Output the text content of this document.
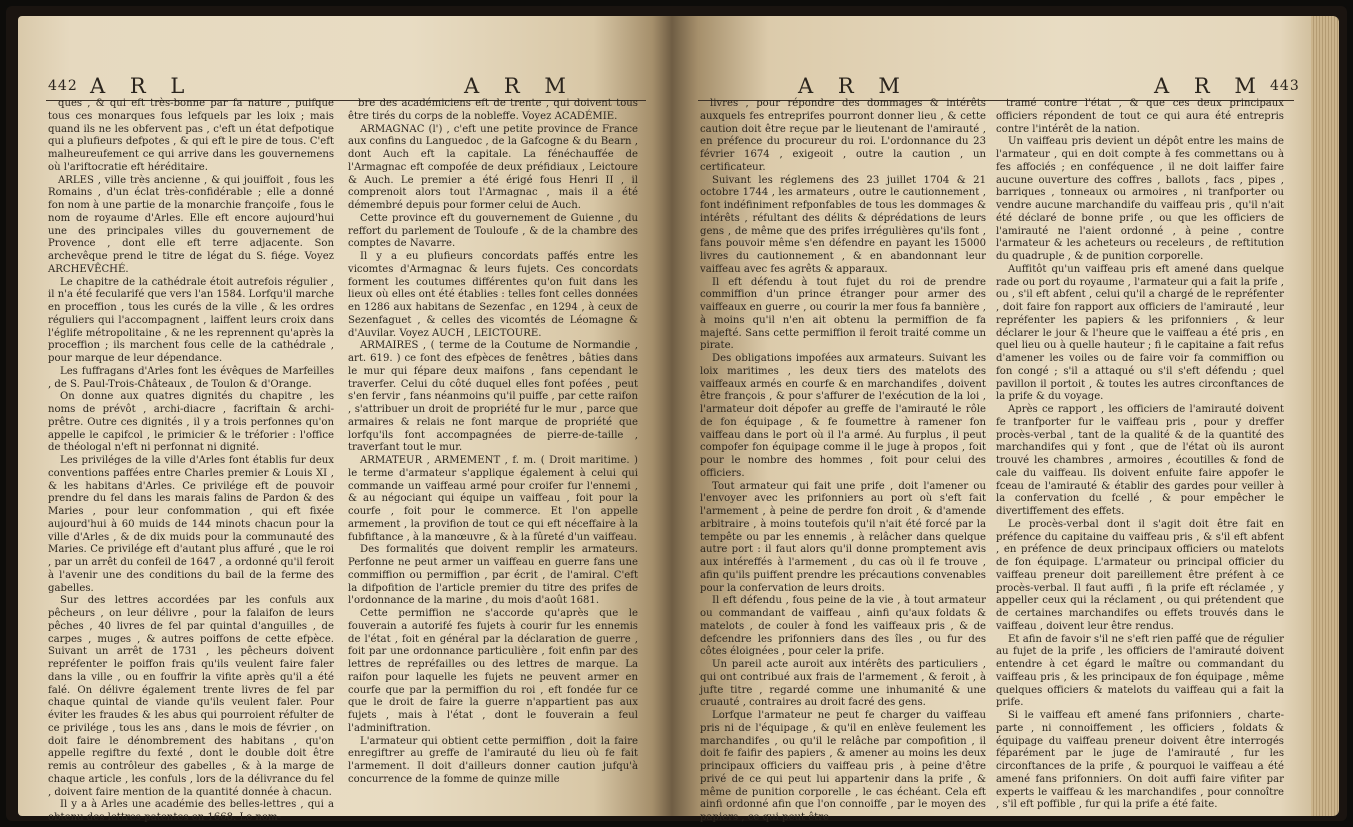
442 A R L	A R M

ques , & qui eft très-bonne par fa nature , puifque tous ces monarques fous lefquels par les loix ; mais quand ils ne les obfervent pas , c'eft un état defpotique qui a plufieurs defpotes , & qui eft le pire de tous. C'eft malheureufement ce qui arrive dans les gouvernemens où l'ariftocratie eft héréditaire.

ARLES , ville très ancienne , & qui jouiffoit , fous les Romains , d'un éclat très-confidérable ; elle a donné fon nom à une partie de la monarchie françoife , fous le nom de royaume d'Arles. Elle eft encore aujourd'hui une des principales villes du gouvernement de Provence , dont elle eft terre adjacente. Son archevêque prend le titre de légat du S. fiége. Voyez ARCHEVÊCHÉ.

Le chapitre de la cathédrale étoit autrefois régulier , il n'a été fecularifé que vers l'an 1584. Lorfqu'il marche en proceffion , tous les curés de la ville , & les ordres réguliers qui l'accompagnent , laiffent leurs croix dans l'églife métropolitaine , & ne les reprennent qu'après la proceffion ; ils marchent fous celle de la cathédrale , pour marque de leur dépendance.

Les fuffragans d'Arles font les évêques de Marfeilles , de S. Paul-Trois-Châteaux , de Toulon & d'Orange.

On donne aux quatres dignités du chapitre , les noms de prévôt , archi-diacre , facriftain & archi-prêtre. Outre ces dignités , il y a trois perfonnes qu'on appelle le capifcol , le primicier & le tréforier : l'office de théologal n'eft ni perfonnat ni dignité.

Les priviléges de la ville d'Arles font établis fur deux conventions paffées entre Charles premier & Louis XI , & les habitans d'Arles. Ce privilége eft de pouvoir prendre du fel dans les marais falins de Pardon & des Maries , pour leur confommation , qui eft fixée aujourd'hui à 60 muids de 144 minots chacun pour la ville d'Arles , & de dix muids pour la communauté des Maries. Ce privilége eft d'autant plus affuré , que le roi , par un arrêt du confeil de 1647 , a ordonné qu'il feroit à l'avenir une des conditions du bail de la ferme des gabelles.

Sur des lettres accordées par les confuls aux pêcheurs , on leur délivre , pour la falaifon de leurs pêches , 40 livres de fel par quintal d'anguilles , de carpes , muges , & autres poiffons de cette efpèce. Suivant un arrêt de 1731 , les pêcheurs doivent repréfenter le poiffon frais qu'ils veulent faire faler dans la ville , ou en fouffrir la vifite après qu'il a été falé. On délivre également trente livres de fel par chaque quintal de viande qu'ils veulent faler. Pour éviter les fraudes & les abus qui pourroient réfulter de ce privilége , tous les ans , dans le mois de février , on doit faire le dénombrement des habitans , qu'on appelle regiftre du fexté , dont le double doit être remis au contrôleur des gabelles , & à la marge de chaque article , les confuls , lors de la délivrance du fel , doivent faire mention de la quantité donnée à chacun.

Il y a à Arles une académie des belles-lettres , qui a obtenu des lettres-patentes en 1668. Le nom-

bre des académiciens eft de trente , qui doivent tous être tirés du corps de la nobleffe. Voyez ACADÉMIE.

ARMAGNAC (l') , c'eft une petite province de France aux confins du Languedoc , de la Gafcogne & du Bearn , dont Auch eft la capitale. La fénéchauffée de l'Armagnac eft compofée de deux préfidiaux , Leictoure & Auch. Le premier a été érigé fous Henri II , il comprenoit alors tout l'Armagnac , mais il a été démembré depuis pour former celui de Auch.

Cette province eft du gouvernement de Guienne , du reffort du parlement de Touloufe , & de la chambre des comptes de Navarre.

Il y a eu plufieurs concordats paffés entre les vicomtes d'Armagnac & leurs fujets. Ces concordats forment les coutumes différentes qu'on fuit dans les lieux où elles ont été établies : telles font celles données en 1286 aux habitans de Sezenfac , en 1294 , à ceux de Sezenfaguet , & celles des vicomtés de Léomagne & d'Auvilar. Voyez AUCH , LEICTOURE.

ARMAIRES , ( terme de la Coutume de Normandie , art. 619. ) ce font des efpèces de fenêtres , bâties dans le mur qui fépare deux maifons , fans cependant le traverfer. Celui du côté duquel elles font pofées , peut s'en fervir , fans néanmoins qu'il puiffe , par cette raifon , s'attribuer un droit de propriété fur le mur , parce que armaires & relais ne font marque de propriété que lorfqu'ils font accompagnées de pierre-de-taille , traverfant tout le mur.

ARMATEUR , ARMEMENT , f. m. ( Droit maritime. ) le terme d'armateur s'applique également à celui qui commande un vaiffeau armé pour croifer fur l'ennemi , & au négociant qui équipe un vaiffeau , foit pour la courfe , foit pour le commerce. Et l'on appelle armement , la provifion de tout ce qui eft néceffaire à la fubfiftance , à la manœuvre , & à la fûreté d'un vaiffeau.

Des formalités que doivent remplir les armateurs. Perfonne ne peut armer un vaiffeau en guerre fans une commiffion ou permiffion , par écrit , de l'amiral. C'eft la difpofition de l'article premier du titre des prifes de l'ordonnance de la marine , du mois d'août 1681.

Cette permiffion ne s'accorde qu'après que le fouverain a autorifé fes fujets à courir fur les ennemis de l'état , foit en général par la déclaration de guerre , foit par une ordonnance particulière , foit enfin par des lettres de repréfailles ou des lettres de marque. La raifon pour laquelle les fujets ne peuvent armer en courfe que par la permiffion du roi , eft fondée fur ce que le droit de faire la guerre n'appartient pas aux fujets , mais à l'état , dont le fouverain a feul l'adminiftration.

L'armateur qui obtient cette permiffion , doit la faire enregiftrer au greffe de l'amirauté du lieu où fe fait l'armement. Il doit d'ailleurs donner caution jufqu'à concurrence de la fomme de quinze mille

A R M	A R M 443

livres , pour répondre des dommages & intérêts auxquels fes entreprifes pourront donner lieu , & cette caution doit être reçue par le lieutenant de l'amirauté , en préfence du procureur du roi. L'ordonnance du 23 février 1674 , exigeoit , outre la caution , un certificateur.

Suivant les réglemens des 23 juillet 1704 & 21 octobre 1744 , les armateurs , outre le cautionnement , font indéfiniment refponfables de tous les dommages & intérêts , réfultant des délits & déprédations de leurs gens , de même que des prifes irrégulières qu'ils font , fans pouvoir même s'en défendre en payant les 15000 livres du cautionnement , & en abandonnant leur vaiffeau avec fes agrêts & apparaux.

Il eft défendu à tout fujet du roi de prendre commiffion d'un prince étranger pour armer des vaiffeaux en guerre , ou courir la mer fous fa bannière , à moins qu'il n'en ait obtenu la permiffion de fa majefté. Sans cette permiffion il feroit traité comme un pirate.

Des obligations impofées aux armateurs. Suivant les loix maritimes , les deux tiers des matelots des vaiffeaux armés en courfe & en marchandifes , doivent être françois , & pour s'affurer de l'exécution de la loi , l'armateur doit dépofer au greffe de l'amirauté le rôle de fon équipage , & fe foumettre à ramener fon vaiffeau dans le port où il l'a armé. Au furplus , il peut compofer fon équipage comme il le juge à propos , foit pour le nombre des hommes , foit pour celui des officiers.

Tout armateur qui fait une prife , doit l'amener ou l'envoyer avec les prifonniers au port où s'eft fait l'armement , à peine de perdre fon droit , & d'amende arbitraire , à moins toutefois qu'il n'ait été forcé par la tempête ou par les ennemis , à relâcher dans quelque autre port : il faut alors qu'il donne promptement avis aux intéreffés à l'armement , du cas où il fe trouve , afin qu'ils puiffent prendre les précautions convenables pour la confervation de leurs droits.

Il eft défendu , fous peine de la vie , à tout armateur ou commandant de vaiffeau , ainfi qu'aux foldats & matelots , de couler à fond les vaiffeaux pris , & de defcendre les prifonniers dans des îles , ou fur des côtes éloignées , pour celer la prife.

Un pareil acte auroit aux intérêts des particuliers , qui ont contribué aux frais de l'armement , & feroit , à jufte titre , regardé comme une inhumanité & une cruauté , contraires au droit facré des gens.

Lorfque l'armateur ne peut fe charger du vaiffeau pris ni de l'équipage , & qu'il en enlève feulement les marchandifes , ou qu'il le relâche par compofition , il doit fe faifir des papiers , & amener au moins les deux principaux officiers du vaiffeau pris , à peine d'être privé de ce qui peut lui appartenir dans la prife , & même de punition corporelle , le cas échéant. Cela eft ainfi ordonné afin que l'on connoiffe , par le moyen des papiers , ce qui peut être

tramé contre l'état , & que ces deux principaux officiers répondent de tout ce qui aura été entrepris contre l'intérêt de la nation.

Un vaiffeau pris devient un dépôt entre les mains de l'armateur , qui en doit compte à fes commettans ou à fes affociés ; en conféquence , il ne doit laiffer faire aucune ouverture des coffres , ballots , facs , pipes , barriques , tonneaux ou armoires , ni tranfporter ou vendre aucune marchandife du vaiffeau pris , qu'il n'ait été déclaré de bonne prife , ou que les officiers de l'amirauté ne l'aient ordonné , à peine , contre l'armateur & les acheteurs ou receleurs , de reftitution du quadruple , & de punition corporelle.

Auffitôt qu'un vaiffeau pris eft amené dans quelque rade ou port du royaume , l'armateur qui a fait la prife , ou , s'il eft abfent , celui qu'il a chargé de le repréfenter , doit faire fon rapport aux officiers de l'amirauté , leur repréfenter les papiers & les prifonniers , & leur déclarer le jour & l'heure que le vaiffeau a été pris , en quel lieu ou à quelle hauteur ; fi le capitaine a fait refus d'amener les voiles ou de faire voir fa commiffion ou fon congé ; s'il a attaqué ou s'il s'eft défendu ; quel pavillon il portoit , & toutes les autres circonftances de la prife & du voyage.

Après ce rapport , les officiers de l'amirauté doivent fe tranfporter fur le vaiffeau pris , pour y dreffer procès-verbal , tant de la qualité & de la quantité des marchandifes qui y font , que de l'état où ils auront trouvé les chambres , armoires , écoutilles & fond de cale du vaiffeau. Ils doivent enfuite faire appofer le fceau de l'amirauté & établir des gardes pour veiller à la confervation du fcellé , & pour empêcher le divertiffement des effets.

Le procès-verbal dont il s'agit doit être fait en préfence du capitaine du vaiffeau pris , & s'il eft abfent , en préfence de deux principaux officiers ou matelots de fon équipage. L'armateur ou principal officier du vaiffeau preneur doit pareillement être préfent à ce procès-verbal. Il faut auffi , fi la prife eft réclamée , y appeller ceux qui la réclament , ou qui prétendent que de certaines marchandifes ou effets trouvés dans le vaiffeau , doivent leur être rendus.

Et afin de favoir s'il ne s'eft rien paffé que de régulier au fujet de la prife , les officiers de l'amirauté doivent entendre à cet égard le maître ou commandant du vaiffeau pris , & les principaux de fon équipage , même quelques officiers & matelots du vaiffeau qui a fait la prife.

Si le vaiffeau eft amené fans prifonniers , charte-parte , ni connoiffement , les officiers , foldats & équipage du vaiffeau preneur doivent être interrogés féparément par le juge de l'amirauté , fur les circonftances de la prife , & pourquoi le vaiffeau a été amené fans prifonniers. On doit auffi faire vifiter par experts le vaiffeau & les marchandifes , pour connoître , s'il eft poffible , fur qui la prife a été faite.
